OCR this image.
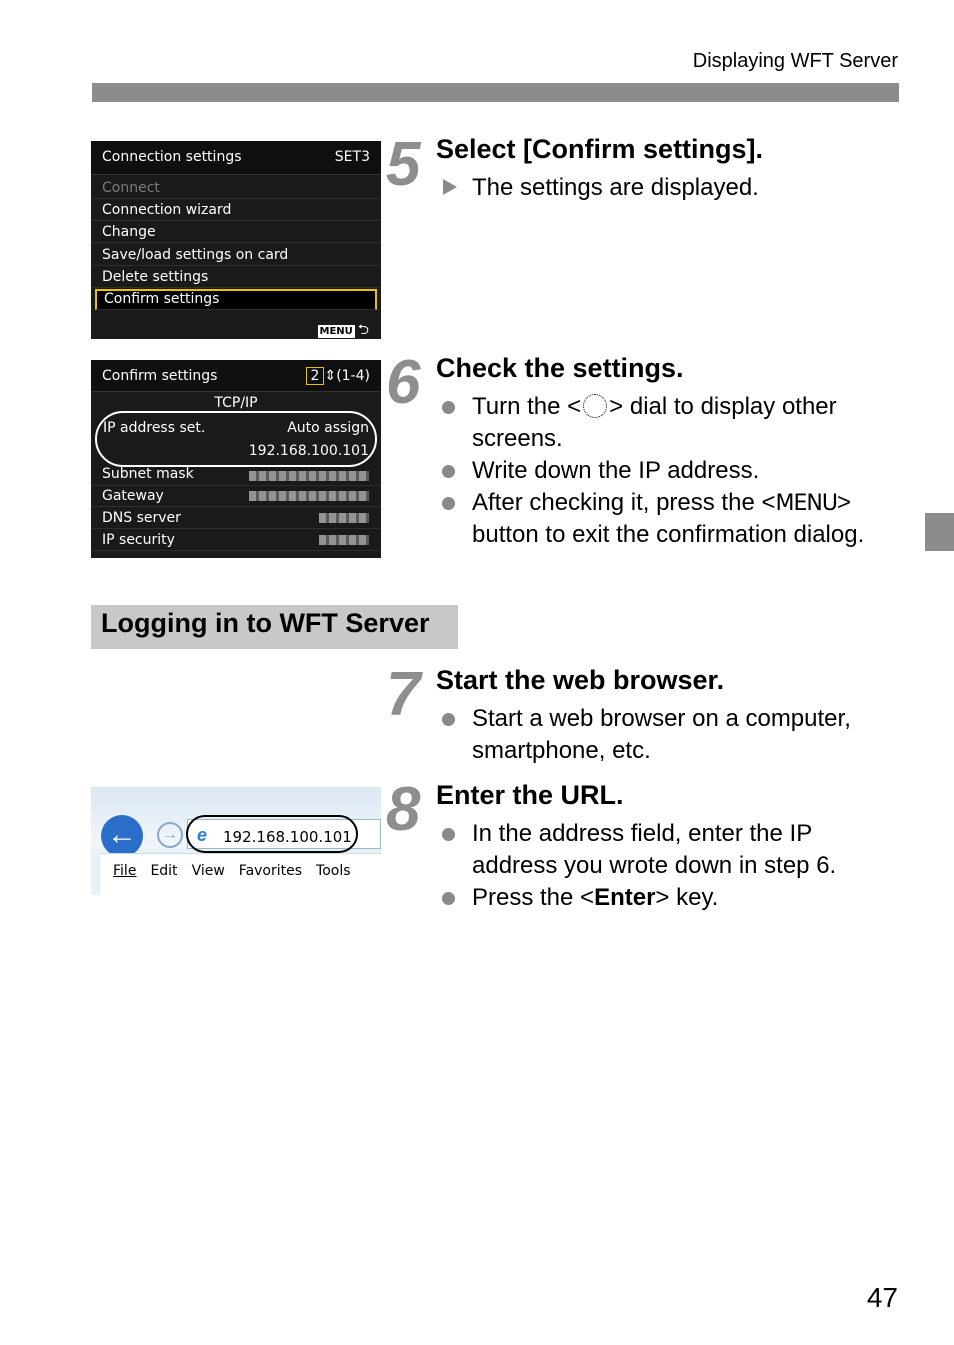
Displaying WFT Server
Connection settings	SET3
Connect
Connection wizard
Change
Save/load settings on card
Delete settings
Confirm settings
MENU ⮌
Confirm settings	2 ⇕(1-4)
TCP/IP
IP address set.	Auto assign
192.168.100.101
Subnet mask
Gateway
DNS server
IP security
5 Select [Confirm settings].
The settings are displayed.
6 Check the settings.
Turn the < > dial to display other
screens.
Write down the IP address.
After checking it, press the <MENU>
button to exit the confirmation dialog.
Logging in to WFT Server
7 Start the web browser.
Start a web browser on a computer,
smartphone, etc.
←	→ e 192.168.100.101
File Edit View Favorites Tools
8 Enter the URL.
In the address field, enter the IP
address you wrote down in step 6.
Press the <Enter> key.
47
